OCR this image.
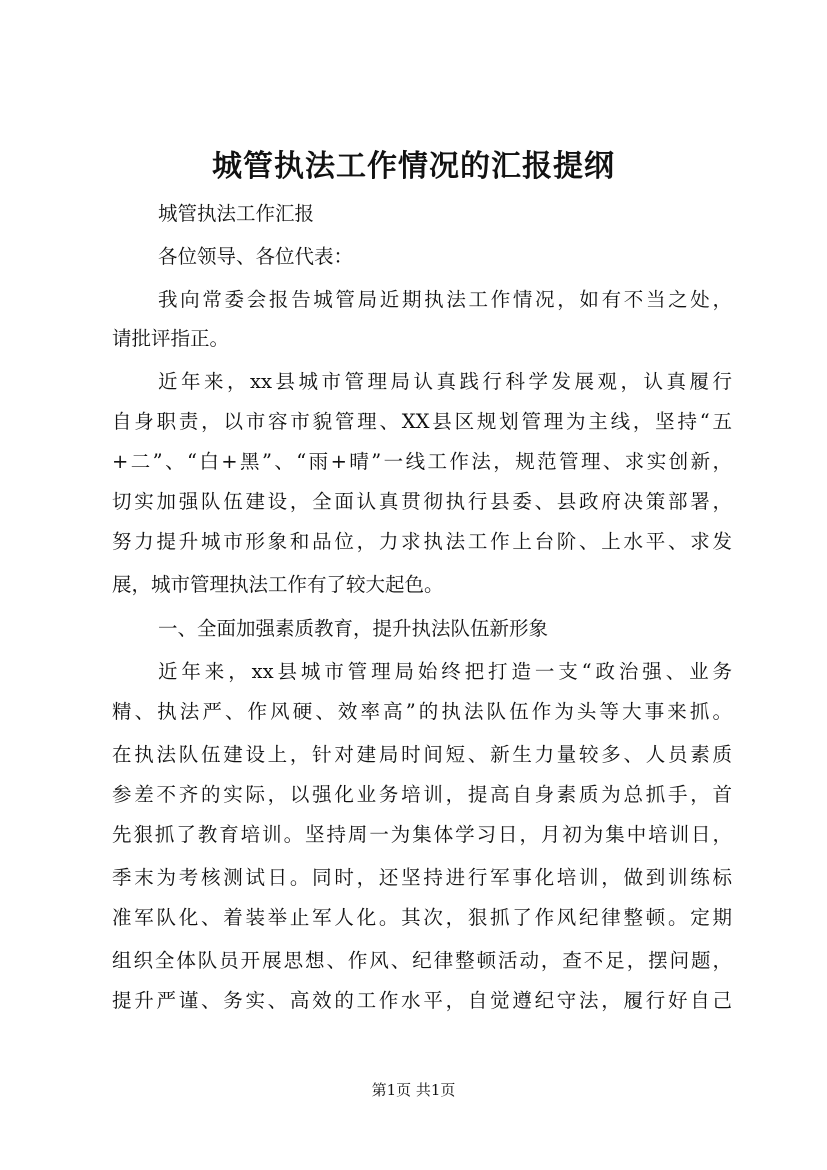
城管执法工作情况的汇报提纲
城管执法工作汇报
各位领导、各位代表：
我向常委会报告城管局近期执法工作情况，如有不当之处，
请批评指正。
近年来，xx县城市管理局认真践行科学发展观，认真履行
自身职责，以市容市貌管理、XX县区规划管理为主线，坚持“五
+二”、“白+黑”、“雨+晴”一线工作法，规范管理、求实创新，
切实加强队伍建设，全面认真贯彻执行县委、县政府决策部署，
努力提升城市形象和品位，力求执法工作上台阶、上水平、求发
展，城市管理执法工作有了较大起色。
一、全面加强素质教育，提升执法队伍新形象
近年来，xx县城市管理局始终把打造一支“政治强、业务
精、执法严、作风硬、效率高”的执法队伍作为头等大事来抓。
在执法队伍建设上，针对建局时间短、新生力量较多、人员素质
参差不齐的实际，以强化业务培训，提高自身素质为总抓手，首
先狠抓了教育培训。坚持周一为集体学习日，月初为集中培训日，
季末为考核测试日。同时，还坚持进行军事化培训，做到训练标
准军队化、着装举止军人化。其次，狠抓了作风纪律整顿。定期
组织全体队员开展思想、作风、纪律整顿活动，查不足，摆问题，
提升严谨、务实、高效的工作水平，自觉遵纪守法，履行好自己
第1页 共1页
